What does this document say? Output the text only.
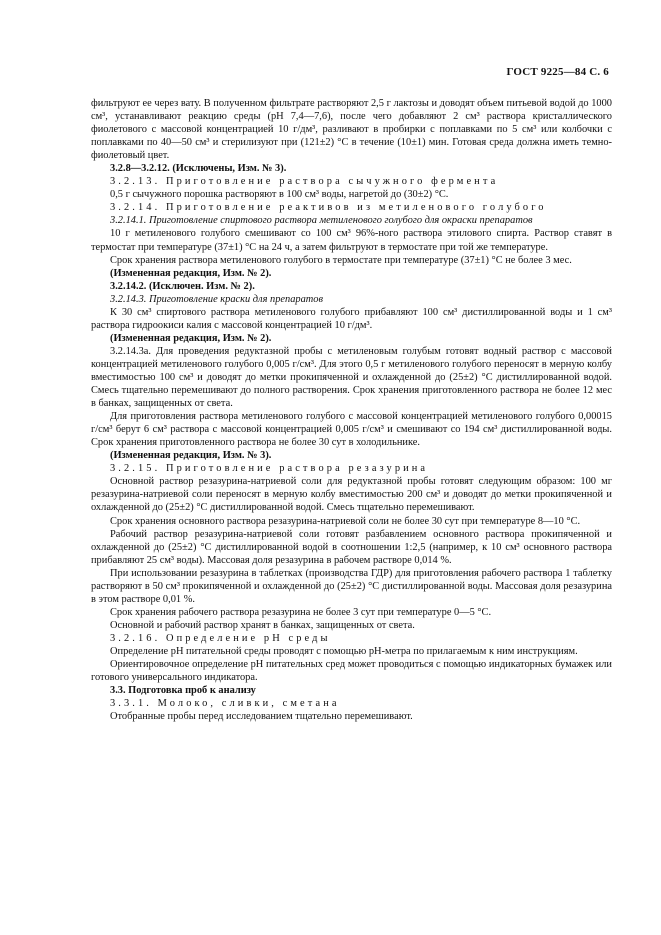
ГОСТ 9225—84 С. 6

фильтруют ее через вату. В полученном фильтрате растворяют 2,5 г лактозы и доводят объем питьевой водой до 1000 см³, устанавливают реакцию среды (рН 7,4—7,6), после чего добавляют 2 см³ раствора кристаллического фиолетового с массовой концентрацией 10 г/дм³, разливают в пробирки с поплавками по 5 см³ или колбочки с поплавками по 40—50 см³ и стерилизуют при (121±2) °С в течение (10±1) мин. Готовая среда должна иметь темно-фиолетовый цвет.

3.2.8—3.2.12. (Исключены, Изм. № 3).

3.2.13. Приготовление раствора сычужного фермента

0,5 г сычужного порошка растворяют в 100 см³ воды, нагретой до (30±2) °С.

3.2.14. Приготовление реактивов из метиленового голубого

3.2.14.1. Приготовление спиртового раствора метиленового голубого для окраски препаратов

10 г метиленового голубого смешивают со 100 см³ 96%-ного раствора этилового спирта. Раствор ставят в термостат при температуре (37±1) °С на 24 ч, а затем фильтруют в термостате при той же температуре.

Срок хранения раствора метиленового голубого в термостате при температуре (37±1) °С не более 3 мес.

(Измененная редакция, Изм. № 2).

3.2.14.2. (Исключен. Изм. № 2).

3.2.14.3. Приготовление краски для препаратов

К 30 см³ спиртового раствора метиленового голубого прибавляют 100 см³ дистиллированной воды и 1 см³ раствора гидроокиси калия с массовой концентрацией 10 г/дм³.

(Измененная редакция, Изм. № 2).

3.2.14.3а. Для проведения редуктазной пробы с метиленовым голубым готовят водный раствор с массовой концентрацией метиленового голубого 0,005 г/см³. Для этого 0,5 г метиленового голубого переносят в мерную колбу вместимостью 100 см³ и доводят до метки прокипяченной и охлажденной до (25±2) °С дистиллированной водой. Смесь тщательно перемешивают до полного растворения. Срок хранения приготовленного раствора не более 12 мес в банках, защищенных от света.

Для приготовления раствора метиленового голубого с массовой концентрацией метиленового голубого 0,00015 г/см³ берут 6 см³ раствора с массовой концентрацией 0,005 г/см³ и смешивают со 194 см³ дистиллированной воды. Срок хранения приготовленного раствора не более 30 сут в холодильнике.

(Измененная редакция, Изм. № 3).

3.2.15. Приготовление раствора резазурина

Основной раствор резазурина-натриевой соли для редуктазной пробы готовят следующим образом: 100 мг резазурина-натриевой соли переносят в мерную колбу вместимостью 200 см³ и доводят до метки прокипяченной и охлажденной до (25±2) °С дистиллированной водой. Смесь тщательно перемешивают.

Срок хранения основного раствора резазурина-натриевой соли не более 30 сут при температуре 8—10 °С.

Рабочий раствор резазурина-натриевой соли готовят разбавлением основного раствора прокипяченной и охлажденной до (25±2) °С дистиллированной водой в соотношении 1:2,5 (например, к 10 см³ основного раствора прибавляют 25 см³ воды). Массовая доля резазурина в рабочем растворе 0,014 %.

При использовании резазурина в таблетках (производства ГДР) для приготовления рабочего раствора 1 таблетку растворяют в 50 см³ прокипяченной и охлажденной до (25±2) °С дистиллированной воды. Массовая доля резазурина в этом растворе 0,01 %.

Срок хранения рабочего раствора резазурина не более 3 сут при температуре 0—5 °С.

Основной и рабочий раствор хранят в банках, защищенных от света.

3.2.16. Определение рН среды

Определение рН питательной среды проводят с помощью рН-метра по прилагаемым к ним инструкциям.

Ориентировочное определение рН питательных сред может проводиться с помощью индикаторных бумажек или готового универсального индикатора.

3.3. Подготовка проб к анализу

3.3.1. Молоко, сливки, сметана

Отобранные пробы перед исследованием тщательно перемешивают.
